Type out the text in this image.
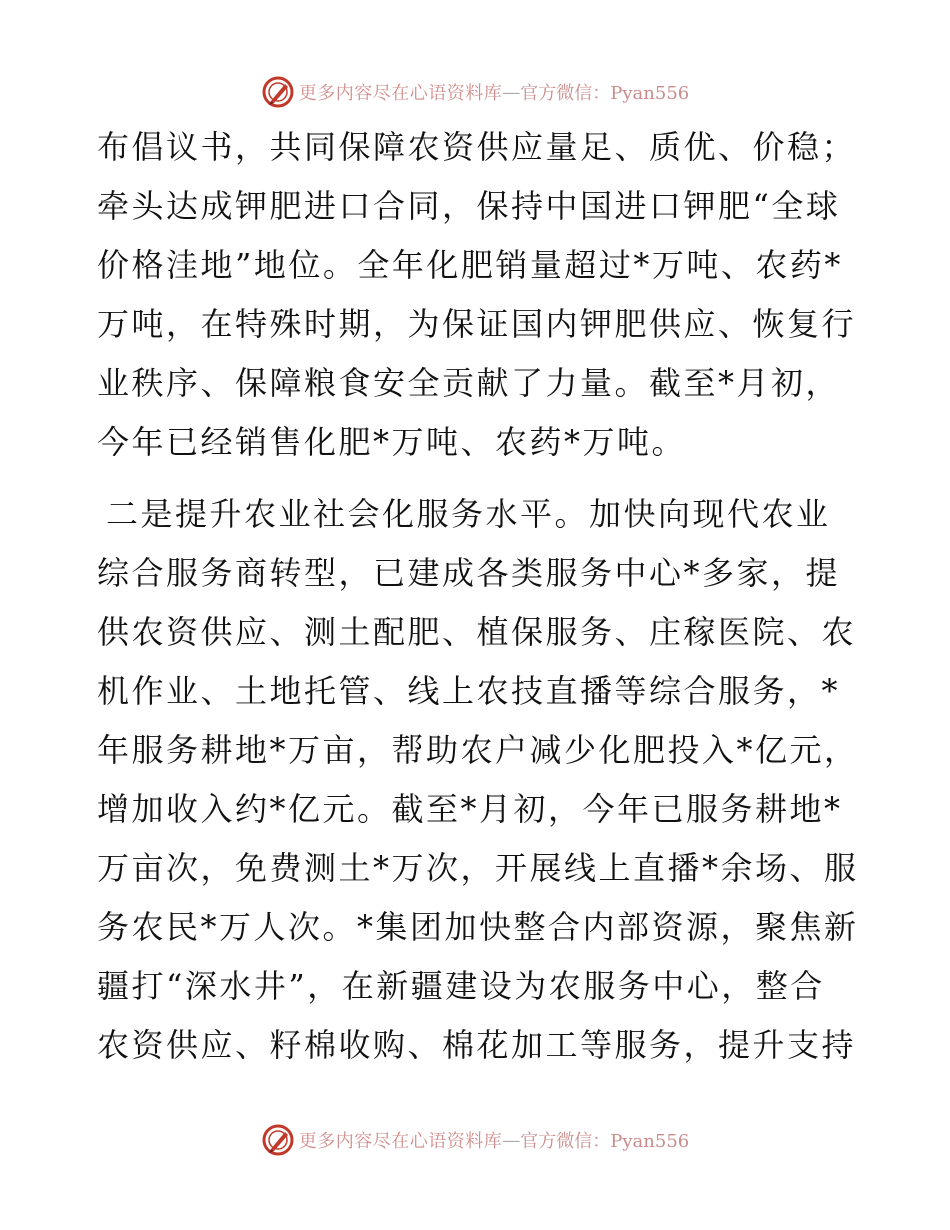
更多内容尽在心语资料库 — 官方微信：Pyan556
布倡议书，共同保障农资供应量足、质优、价稳；
牵头达成钾肥进口合同，保持中国进口钾肥“全球
价格洼地”地位。全年化肥销量超过*万吨、农药*
万吨，在特殊时期，为保证国内钾肥供应、恢复行
业秩序、保障粮食安全贡献了力量。截至*月初，
今年已经销售化肥*万吨、农药*万吨。
二是提升农业社会化服务水平。加快向现代农业
综合服务商转型，已建成各类服务中心*多家，提
供农资供应、测土配肥、植保服务、庄稼医院、农
机作业、土地托管、线上农技直播等综合服务，*
年服务耕地*万亩，帮助农户减少化肥投入*亿元，
增加收入约*亿元。截至*月初，今年已服务耕地*
万亩次，免费测土*万次，开展线上直播*余场、服
务农民*万人次。*集团加快整合内部资源，聚焦新
疆打“深水井”，在新疆建设为农服务中心，整合
农资供应、籽棉收购、棉花加工等服务，提升支持
更多内容尽在心语资料库 — 官方微信：Pyan556
